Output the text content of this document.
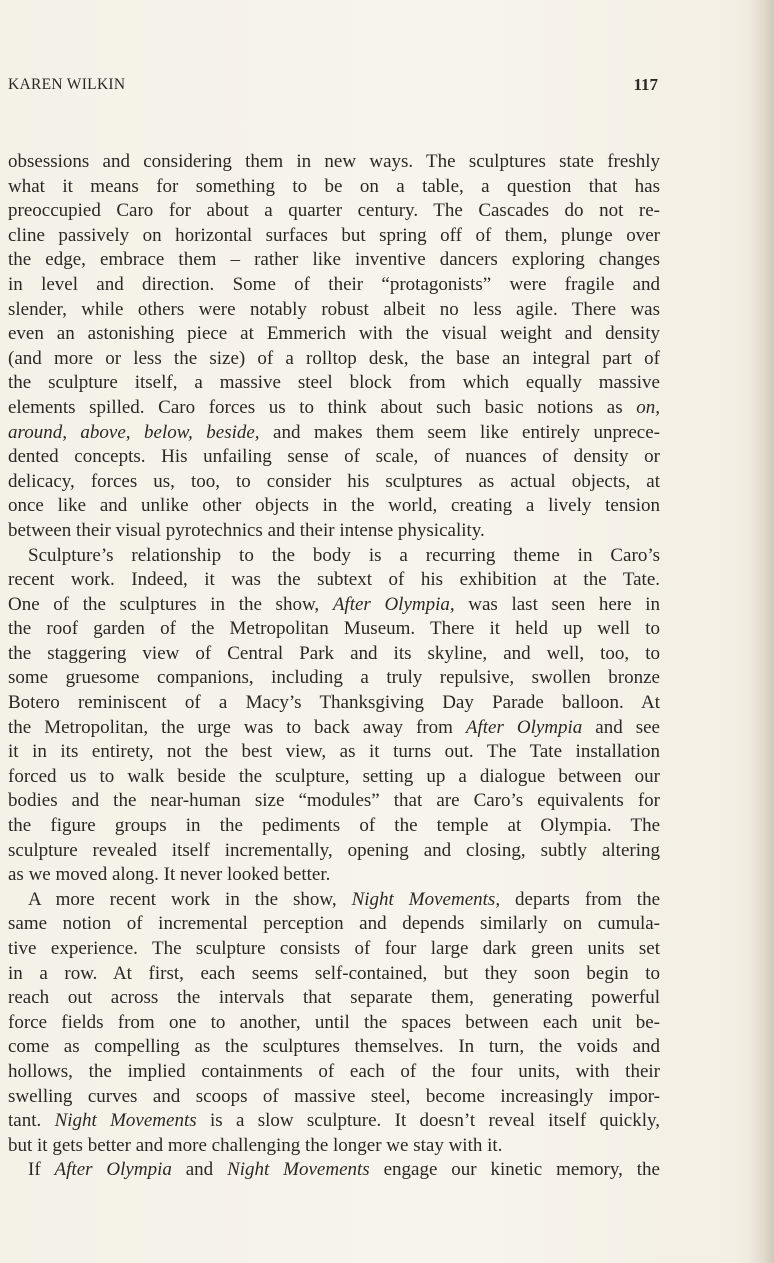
KAREN WILKIN	117
obsessions and considering them in new ways. The sculptures state freshly
what it means for something to be on a table, a question that has
preoccupied Caro for about a quarter century. The Cascades do not re-
cline passively on horizontal surfaces but spring off of them, plunge over
the edge, embrace them – rather like inventive dancers exploring changes
in level and direction. Some of their “protagonists” were fragile and
slender, while others were notably robust albeit no less agile. There was
even an astonishing piece at Emmerich with the visual weight and density
(and more or less the size) of a rolltop desk, the base an integral part of
the sculpture itself, a massive steel block from which equally massive
elements spilled. Caro forces us to think about such basic notions as on,
around, above, below, beside, and makes them seem like entirely unprece-
dented concepts. His unfailing sense of scale, of nuances of density or
delicacy, forces us, too, to consider his sculptures as actual objects, at
once like and unlike other objects in the world, creating a lively tension
between their visual pyrotechnics and their intense physicality.
Sculpture’s relationship to the body is a recurring theme in Caro’s
recent work. Indeed, it was the subtext of his exhibition at the Tate.
One of the sculptures in the show, After Olympia, was last seen here in
the roof garden of the Metropolitan Museum. There it held up well to
the staggering view of Central Park and its skyline, and well, too, to
some gruesome companions, including a truly repulsive, swollen bronze
Botero reminiscent of a Macy’s Thanksgiving Day Parade balloon. At
the Metropolitan, the urge was to back away from After Olympia and see
it in its entirety, not the best view, as it turns out. The Tate installation
forced us to walk beside the sculpture, setting up a dialogue between our
bodies and the near-human size “modules” that are Caro’s equivalents for
the figure groups in the pediments of the temple at Olympia. The
sculpture revealed itself incrementally, opening and closing, subtly altering
as we moved along. It never looked better.
A more recent work in the show, Night Movements, departs from the
same notion of incremental perception and depends similarly on cumula-
tive experience. The sculpture consists of four large dark green units set
in a row. At first, each seems self-contained, but they soon begin to
reach out across the intervals that separate them, generating powerful
force fields from one to another, until the spaces between each unit be-
come as compelling as the sculptures themselves. In turn, the voids and
hollows, the implied containments of each of the four units, with their
swelling curves and scoops of massive steel, become increasingly impor-
tant. Night Movements is a slow sculpture. It doesn’t reveal itself quickly,
but it gets better and more challenging the longer we stay with it.
If After Olympia and Night Movements engage our kinetic memory, the
